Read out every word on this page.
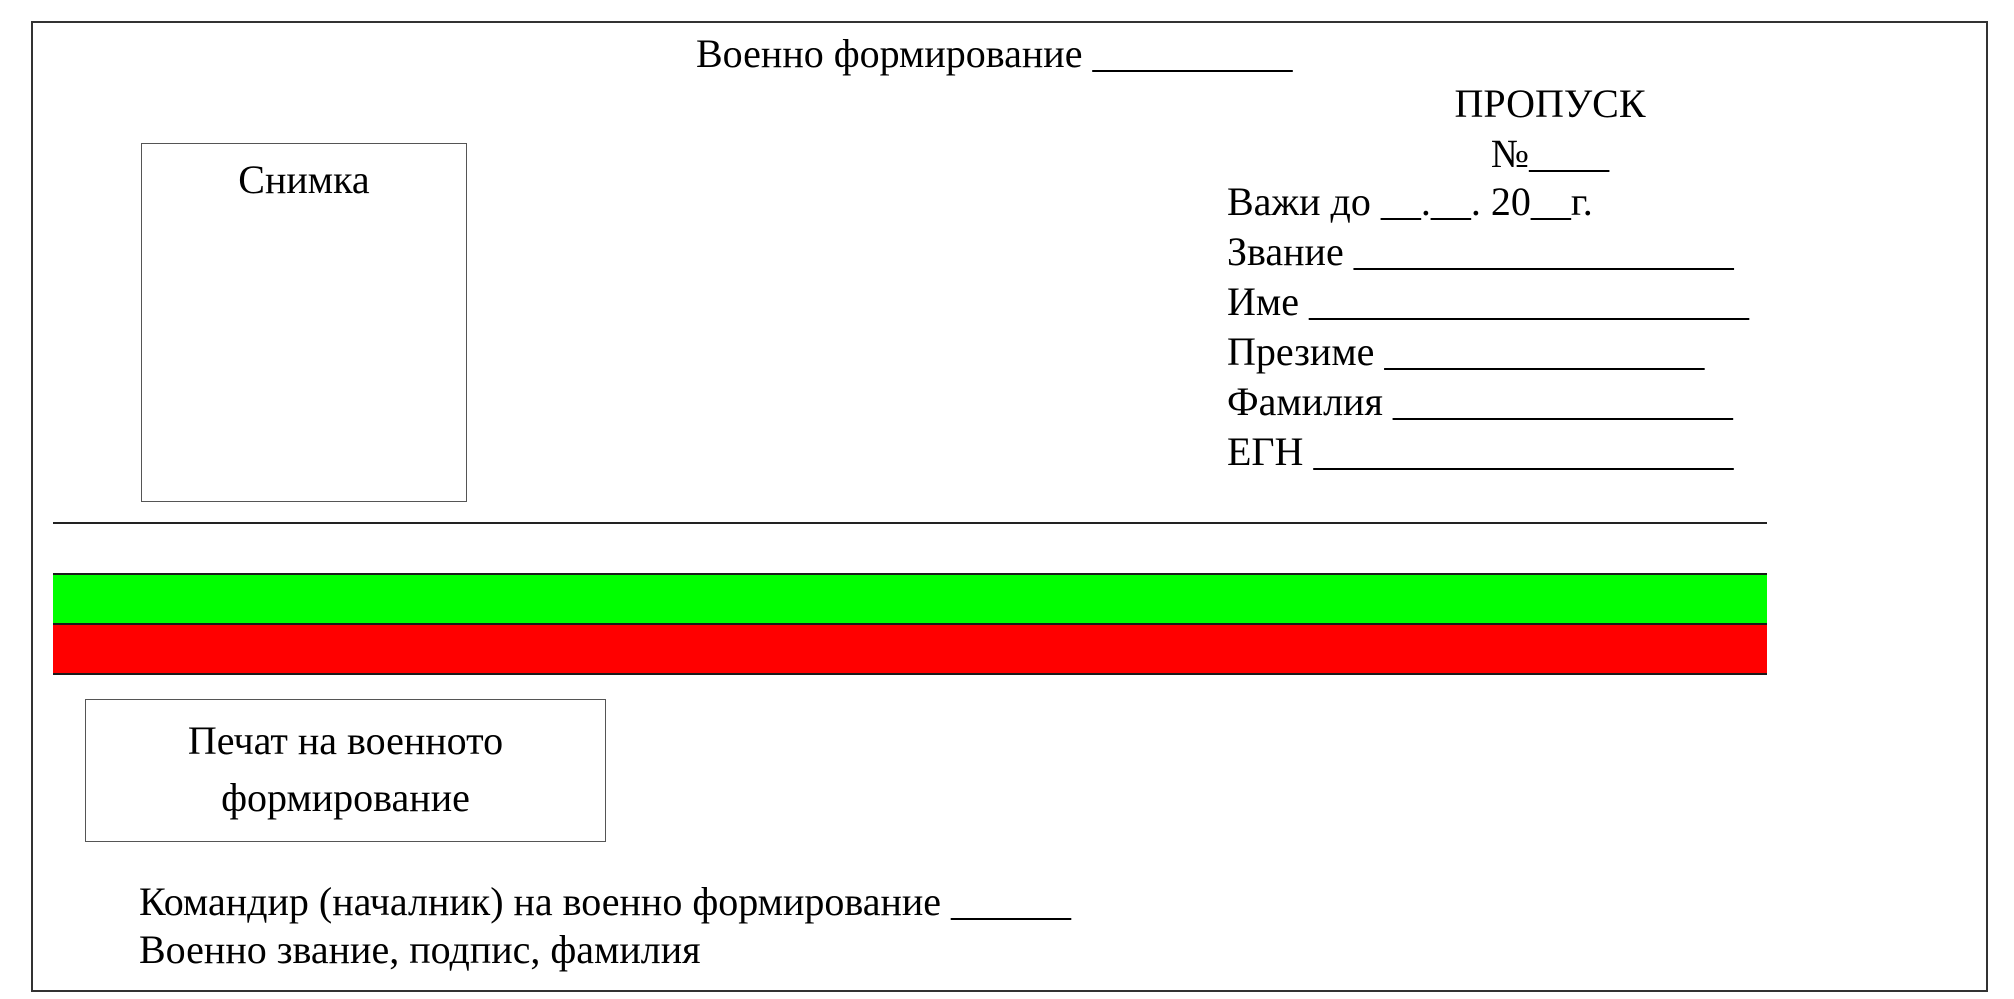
Военно формирование __________
ПРОПУСК
№____
Важи до __.__. 20__г.
Звание ___________________
Име ______________________
Презиме ________________
Фамилия _________________
ЕГН _____________________
Снимка
Печат на военното
формирование
Командир (началник) на военно формирование ______
Военно звание, подпис, фамилия
